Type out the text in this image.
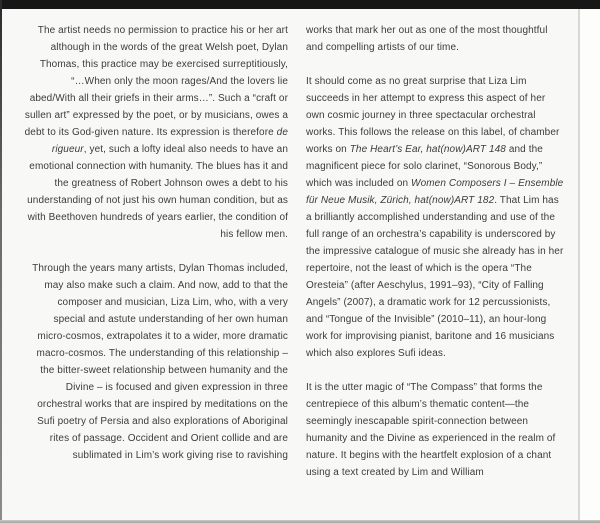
The artist needs no permission to practice his or her art although in the words of the great Welsh poet, Dylan Thomas, this practice may be exercised surreptitiously, “…When only the moon rages/And the lovers lie abed/With all their griefs in their arms…”. Such a “craft or sullen art” expressed by the poet, or by musicians, owes a debt to its God-given nature. Its expression is therefore de rigueur, yet, such a lofty ideal also needs to have an emotional connection with humanity. The blues has it and the greatness of Robert Johnson owes a debt to his understanding of not just his own human condition, but as with Beethoven hundreds of years earlier, the condition of his fellow men.

Through the years many artists, Dylan Thomas included, may also make such a claim. And now, add to that the composer and musician, Liza Lim, who, with a very special and astute understanding of her own human micro-cosmos, extrapolates it to a wider, more dramatic macro-cosmos. The understanding of this relationship – the bitter-sweet relationship between humanity and the Divine – is focused and given expression in three orchestral works that are inspired by meditations on the Sufi poetry of Persia and also explorations of Aboriginal rites of passage. Occident and Orient collide and are sublimated in Lim’s work giving rise to ravishing

works that mark her out as one of the most thoughtful and compelling artists of our time.

It should come as no great surprise that Liza Lim succeeds in her attempt to express this aspect of her own cosmic journey in three spectacular orchestral works. This follows the release on this label, of chamber works on The Heart’s Ear, hat(now)ART 148 and the magnificent piece for solo clarinet, “Sonorous Body,” which was included on Women Composers I – Ensemble für Neue Musik, Zürich, hat(now)ART 182. That Lim has a brilliantly accomplished understanding and use of the full range of an orchestra’s capability is underscored by the impressive catalogue of music she already has in her repertoire, not the least of which is the opera “The Oresteia” (after Aeschylus, 1991–93), “City of Falling Angels” (2007), a dramatic work for 12 percussionists, and “Tongue of the Invisible” (2010–11), an hour-long work for improvising pianist, baritone and 16 musicians which also explores Sufi ideas.

It is the utter magic of “The Compass” that forms the centrepiece of this album’s thematic content—the seemingly inescapable spirit-connection between humanity and the Divine as experienced in the realm of nature. It begins with the heartfelt explosion of a chant using a text created by Lim and William
